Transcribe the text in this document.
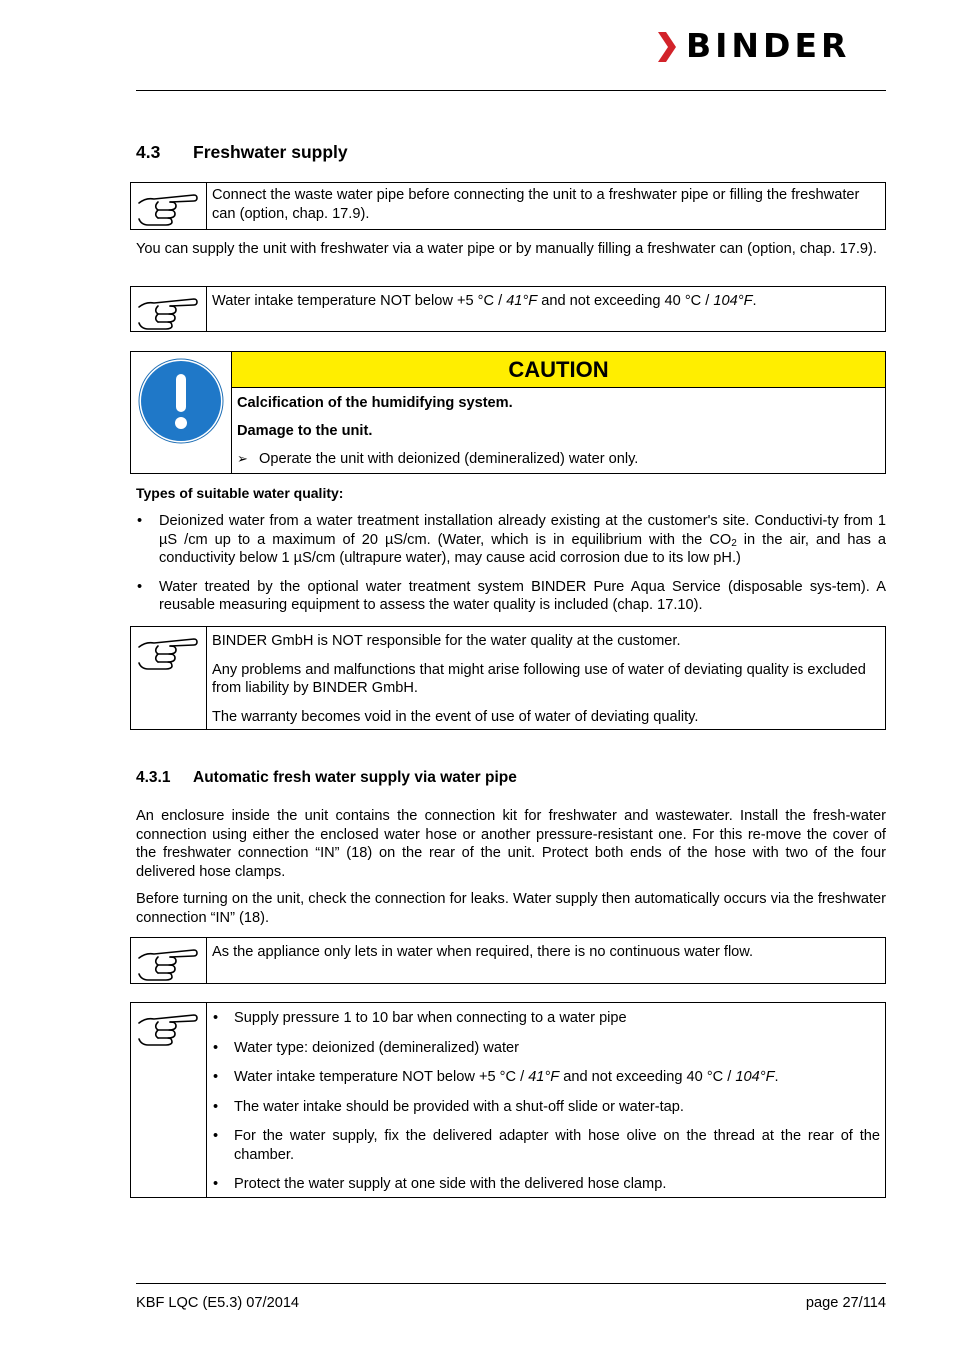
BINDER
4.3 Freshwater supply
Connect the waste water pipe before connecting the unit to a freshwater pipe or filling the freshwater can (option, chap. 17.9).

You can supply the unit with freshwater via a water pipe or by manually filling a freshwater can (option, chap. 17.9).

Water intake temperature NOT below +5 °C / 41°F and not exceeding 40 °C / 104°F.
CAUTION
Calcification of the humidifying system.
Damage to the unit.
➢ Operate the unit with deionized (demineralized) water only.
Types of suitable water quality:
• Deionized water from a water treatment installation already existing at the customer's site. Conductivi-ty from 1 µS /cm up to a maximum of 20 µS/cm. (Water, which is in equilibrium with the $CO_2$ in the air, and has a conductivity below 1 µS/cm (ultrapure water), may cause acid corrosion due to its low pH.)
• Water treated by the optional water treatment system BINDER Pure Aqua Service (disposable sys-tem). A reusable measuring equipment to assess the water quality is included (chap. 17.10).

BINDER GmbH is NOT responsible for the water quality at the customer.

Any problems and malfunctions that might arise following use of water of deviating quality is excluded from liability by BINDER GmbH.

The warranty becomes void in the event of use of water of deviating quality.

4.3.1 Automatic fresh water supply via water pipe

An enclosure inside the unit contains the connection kit for freshwater and wastewater. Install the fresh-water connection using either the enclosed water hose or another pressure-resistant one. For this re-move the cover of the freshwater connection “IN” (18) on the rear of the unit. Protect both ends of the hose with two of the four delivered hose clamps.

Before turning on the unit, check the connection for leaks. Water supply then automatically occurs via the freshwater connection “IN” (18).

As the appliance only lets in water when required, there is no continuous water flow.
• Supply pressure 1 to 10 bar when connecting to a water pipe
• Water type: deionized (demineralized) water
• Water intake temperature NOT below +5 °C / 41°F and not exceeding 40 °C / 104°F.
• The water intake should be provided with a shut-off slide or water-tap.
• For the water supply, fix the delivered adapter with hose olive on the thread at the rear of the chamber.
• Protect the water supply at one side with the delivered hose clamp.
KBF LQC (E5.3) 07/2014	page 27/114
